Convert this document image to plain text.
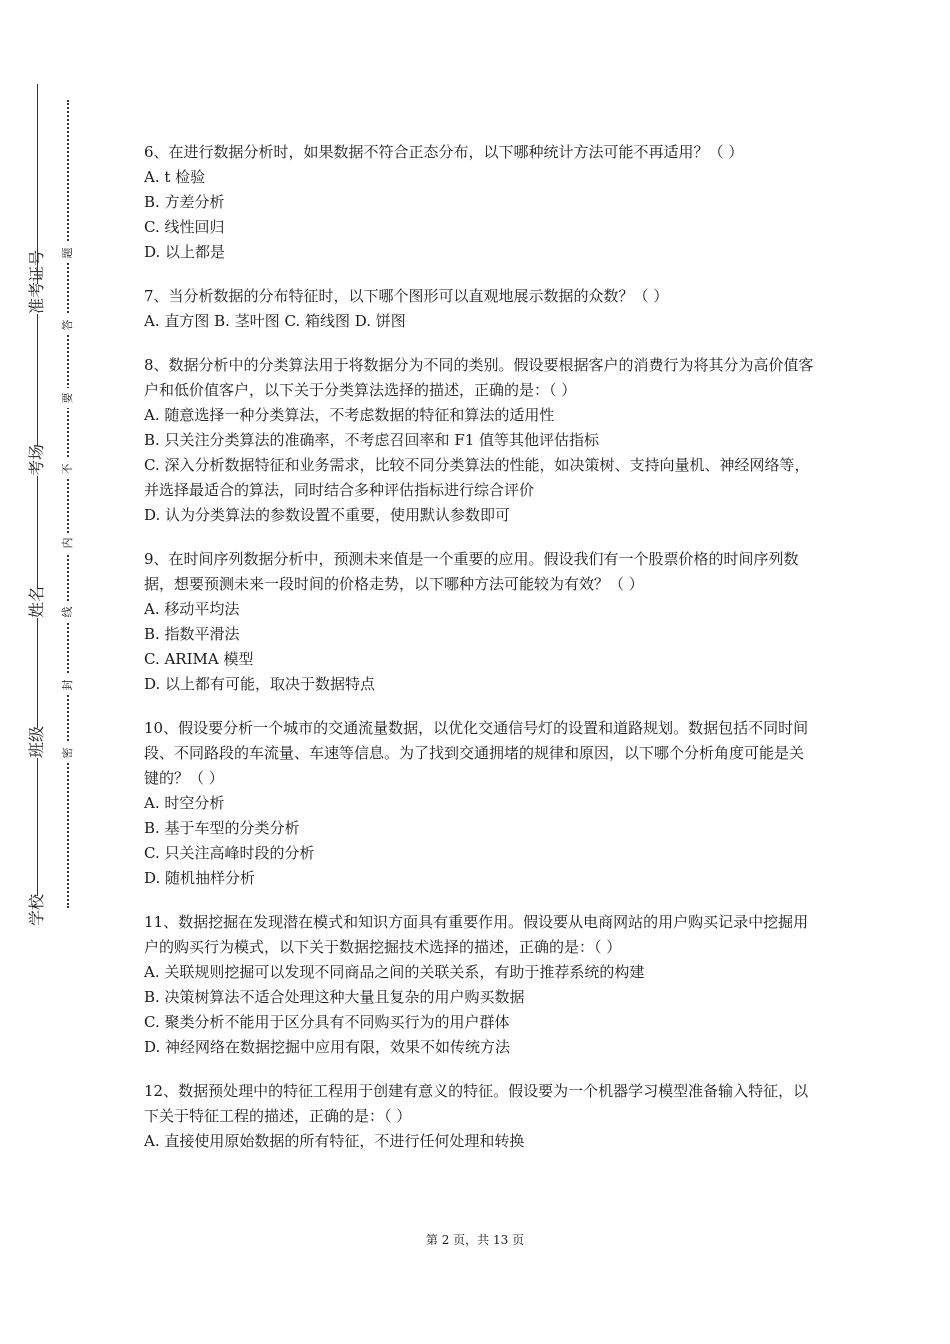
学校
班级
姓名
考场
准考证号
密
封
线
内
不
要
答
题

6、在进行数据分析时，如果数据不符合正态分布，以下哪种统计方法可能不再适用？（ ）

A. t 检验

B. 方差分析

C. 线性回归

D. 以上都是

7、当分析数据的分布特征时，以下哪个图形可以直观地展示数据的众数？（ ）

A. 直方图 B. 茎叶图 C. 箱线图 D. 饼图

8、数据分析中的分类算法用于将数据分为不同的类别。假设要根据客户的消费行为将其分为高价值客户和低价值客户，以下关于分类算法选择的描述，正确的是：（ ）

A. 随意选择一种分类算法，不考虑数据的特征和算法的适用性

B. 只关注分类算法的准确率，不考虑召回率和 F1 值等其他评估指标

C. 深入分析数据特征和业务需求，比较不同分类算法的性能，如决策树、支持向量机、神经网络等，并选择最适合的算法，同时结合多种评估指标进行综合评价

D. 认为分类算法的参数设置不重要，使用默认参数即可

9、在时间序列数据分析中，预测未来值是一个重要的应用。假设我们有一个股票价格的时间序列数据，想要预测未来一段时间的价格走势，以下哪种方法可能较为有效？（ ）

A. 移动平均法

B. 指数平滑法

C. ARIMA 模型

D. 以上都有可能，取决于数据特点

10、假设要分析一个城市的交通流量数据，以优化交通信号灯的设置和道路规划。数据包括不同时间段、不同路段的车流量、车速等信息。为了找到交通拥堵的规律和原因，以下哪个分析角度可能是关键的？（ ）

A. 时空分析

B. 基于车型的分类分析

C. 只关注高峰时段的分析

D. 随机抽样分析

11、数据挖掘在发现潜在模式和知识方面具有重要作用。假设要从电商网站的用户购买记录中挖掘用户的购买行为模式，以下关于数据挖掘技术选择的描述，正确的是：（ ）

A. 关联规则挖掘可以发现不同商品之间的关联关系，有助于推荐系统的构建

B. 决策树算法不适合处理这种大量且复杂的用户购买数据

C. 聚类分析不能用于区分具有不同购买行为的用户群体

D. 神经网络在数据挖掘中应用有限，效果不如传统方法

12、数据预处理中的特征工程用于创建有意义的特征。假设要为一个机器学习模型准备输入特征，以下关于特征工程的描述，正确的是：（ ）

A. 直接使用原始数据的所有特征，不进行任何处理和转换

第 2 页，共 13 页
